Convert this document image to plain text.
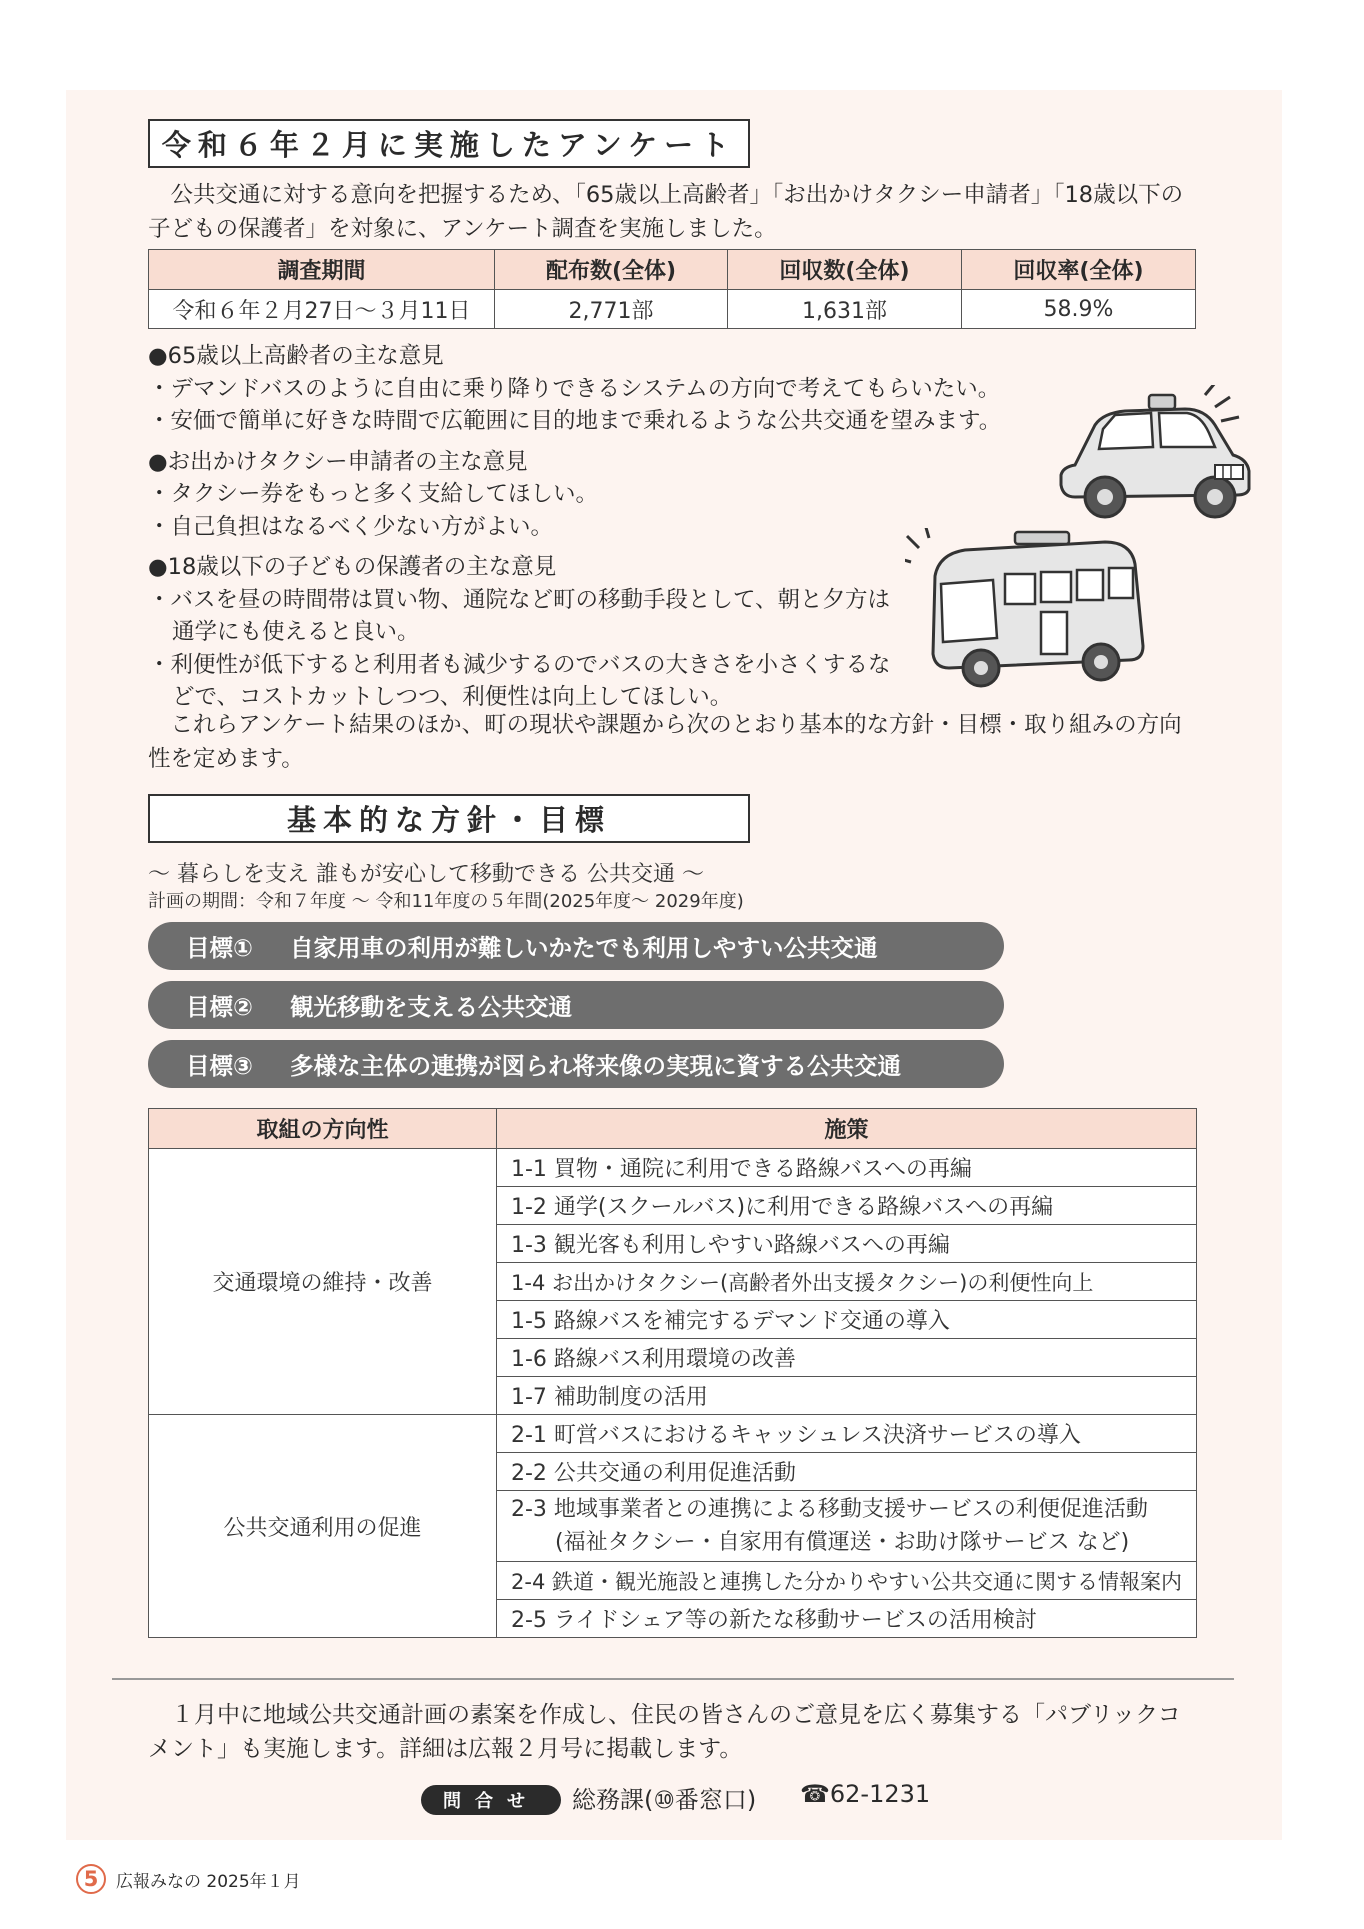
令和６年２月に実施したアンケート

　公共交通に対する意向を把握するため、「65歳以上高齢者」「お出かけタクシー申請者」「18歳以下の子どもの保護者」を対象に、アンケート調査を実施しました。

調査期間	配布数(全体)	回収数(全体)	回収率(全体)
令和６年２月27日～３月11日	2,771部	1,631部	58.9%
●65歳以上高齢者の主な意見
・デマンドバスのように自由に乗り降りできるシステムの方向で考えてもらいたい。
・安価で簡単に好きな時間で広範囲に目的地まで乗れるような公共交通を望みます。
●お出かけタクシー申請者の主な意見
・タクシー券をもっと多く支給してほしい。
・自己負担はなるべく少ない方がよい。
●18歳以下の子どもの保護者の主な意見
・バスを昼の時間帯は買い物、通院など町の移動手段として、朝と夕方は通学にも使えると良い。
・利便性が低下すると利用者も減少するのでバスの大きさを小さくするなどで、コストカットしつつ、利便性は向上してほしい。

　これらアンケート結果のほか、町の現状や課題から次のとおり基本的な方針・目標・取り組みの方向性を定めます。

基本的な方針・目標
～ 暮らしを支え 誰もが安心して移動できる 公共交通 ～
計画の期間：令和７年度 ～ 令和11年度の５年間(2025年度～ 2029年度)
目標①	自家用車の利用が難しいかたでも利用しやすい公共交通
目標②	観光移動を支える公共交通
目標③	多様な主体の連携が図られ将来像の実現に資する公共交通
取組の方向性	施策
交通環境の維持・改善	1-1 買物・通院に利用できる路線バスへの再編
	1-2 通学(スクールバス)に利用できる路線バスへの再編
	1-3 観光客も利用しやすい路線バスへの再編
	1-4 お出かけタクシー(高齢者外出支援タクシー)の利便性向上
	1-5 路線バスを補完するデマンド交通の導入
	1-6 路線バス利用環境の改善
	1-7 補助制度の活用
公共交通利用の促進	2-1 町営バスにおけるキャッシュレス決済サービスの導入
	2-2 公共交通の利用促進活動

	2-3 地域事業者との連携による移動支援サービスの利便促進活動
(福祉タクシー・自家用有償運送・お助け隊サービス など)

	2-4 鉄道・観光施設と連携した分かりやすい公共交通に関する情報案内
	2-5 ライドシェア等の新たな移動サービスの活用検討

　１月中に地域公共交通計画の素案を作成し、住民の皆さんのご意見を広く募集する「パブリックコメント」も実施します。詳細は広報２月号に掲載します。

問合せ	総務課(⑩番窓口) ☎62-1231
5	広報みなの 2025年１月
